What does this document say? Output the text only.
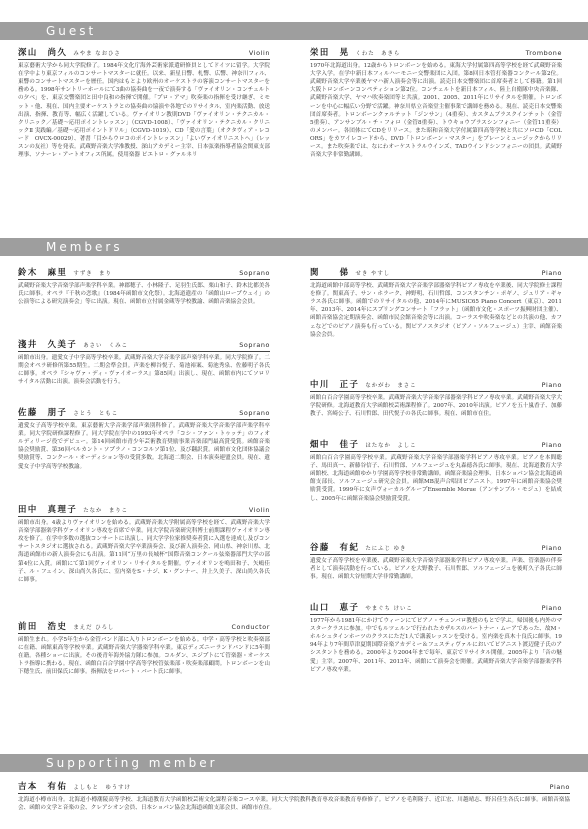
Guest
深山　尚久 みやま なおひさ	Violin
東京藝術大学から同大学院修了。1984年文化庁海外芸術家派遣研修員としてドイツに留学。大学院在学中より東京フィルのコンサートマスターに就任。以来、新星日響、札響、広響、神奈川フィル、東響のコンサートマスターを歴任。国内はもとより欧州のオーケストラの客演コンサートマスターを務める。1998年サントリーホールにて3曲の協奏曲を一夜で演奏する「ヴァイオリン・コンチェルトの夕べ」を、東京交響楽団と田中良和の指揮で開催。「プロ・アマ」吹奏楽の指揮を受け継ぎ、ミモット・他、現在、国内主要オーケストラとの協奏曲の協演や各地でのリサイタル、室内楽活動、放送出演、指揮、教育等、幅広く活躍している。ヴァイオリン教則DVD「ヴァイオリン・テクニカル・クリニック／基礎～応用ポイントレッスン」（CGVD-1008）、「ヴァイオリン・テクニカル・クリニックⅡ 実践編／基礎～応用ポイントドリル」（CGVD-1019）、CD「愛の言葉」（オクタヴィア・レコード　OVCX-00029）、著書「目からウロコのポイントレッスン」「よいヴァイオリニストへ」（レッスンの友社）等を発表。武蔵野音楽大学准教授、深山アカデミー主宰、日本弦楽指導者協会関東支部理事、ソナーレ・アートオフィス所属。使用楽器 ピエトロ・グァルネリ
栄田　晃 くわた　あきら	Trombone
1970年北海道出身。12歳からトロンボーンを始める。東海大学付属第四高等学校を経て武蔵野音楽大学入学。在学中新日本フィルハーモニー交響楽団に入団。第8回日本管打楽器コンクール第2位。武蔵野音楽大学卒業後ヤマハ新人演奏会等に出演。読売日本交響楽団に首席奏者として移籍。第1回大阪トロンボーンコンペティション第2位。コンチェルトを新日本フィル、陸上自衛隊中央音楽隊、武蔵野音楽大学、ヤマハ吹奏楽団等と共演。2001、2005、2011年にリサイタルを開催。トロンボーンを中心に幅広い分野で活躍。神奈川県立音楽堂主催事業で講師を務める。現在、読売日本交響楽団首席奏者。トロンボーンクァルテット「ジンサン」（4重奏）、カスタムブラスクインテット（金管5重奏）、アンサンブル・チ・フォロ（金管8重奏）、トウキョウブラスシンフォニー（金管11重奏）のメンバー。各団体にてCDをリリース。また昭和音楽大学付属第四高等学校と共にソロCD「COLORS」をカワイレコードから、DVD「トロンボーン・マスター」をブレーンミュージックからリリース。また吹奏楽では、なにわオーケストラルウインズ、TADウインドシンフォニーの団員。武蔵野音楽大学非常勤講師。
Members
鈴木　麻里 すずき　まり	Soprano
武蔵野音楽大学音楽学部声楽学科卒業。神郡穂子、小林隆子、足羽生氏郎、栗山和子、鈴木比都美各氏に師事。オペラ『千秋の恋歌』（1984年函館市文化祭）。北海道遺産の「函館山ロープウェイ」の公演等による研究演奏会」等に出演。現在、函館市立付属金蔵等学校教諭、函館音楽協会会員。
淺井　久美子 あさい　くみこ	Soprano
函館市出身。遺愛女子中学高等学校卒業。武蔵野音楽大学音楽学部声楽学科卒業。同大学院修了。二期会オペラ研修所第55期生。二期会準会員。声楽を柳谷悦子、菊池裕案、菊池秀泉、佐藤明子各氏に師事。オペラ『シャヴァ・ディ・ヴァイオーラス』第85回』出演し、現在、函館市内にてソロリサイタル活動に出演。演奏会活動を行う。
佐藤　朋子 さとう　ともこ	Soprano
遺愛女子高等学校卒業。東京藝術大学音楽学部声楽別科修了。武蔵野音楽大学音楽学部声楽学科卒業。同大学院研修課程修了。同大学院在学中の1993年オペラ「コシ・ファン・トゥッテ」のフィオルディリージ役でデビュー。第14回函館市青少年芸術教育奨励事業音楽部門最高賞受賞。函館音楽協会奨励賞、第36回ベルカント・ソプラノ・コンコルソ第1位、及び翻訳賞。函館市文化団体協議会奨励賞等、コンクール・オーディション等の受賞多数。北海道二期会、日本演奏連盟会員。現在、遺愛女子中学高等学校教諭。
田中　真理子 たなか　まりこ	Violin
函館市出身。4歳よりヴァイオリンを始める。武蔵野音楽大学附属高等学校を経て、武蔵野音楽大学音楽学部器楽学科ヴァイオリン専攻を首席で卒業。同大学院音楽研究科博士前期課程ヴァイオリン専攻を修了。在学中多数の選抜コンサートに出演し、同大学学位家推奨奏者賞に入選を達成し及びコンサートスタジオに選抜される。武蔵野音楽大学卒業演奏会、及び新人演奏会、岡山県、神奈川県、北海道函館市の新人演奏会にも出演。第11回“万里の長城杯”国際音楽コンクール弦楽器部門大学の部第4位に入賞。函館にて第1回ヴァイオリン・リサイタルを開催。ヴァイオリンを鳴田和子、矢嶋佳子、ル・フェイン、深山尚久各氏に、室内楽をS・ナジ、K・グンナー、井上久美子、深山尚久各氏に師事。
前田　浩史 まえだ ひろし	Conductor
函館生まれ。小学5年生から金管バンド部に入りトロンボーンを始める。中学・高等学校と吹奏楽部に在籍、函館東高等学校卒業。武蔵野音楽大学器楽学科卒業。東京ディズニーランドバンドに5年間在籍。各種ショーに出演。その後青年海外協力隊に参加。コルダン、エジプトにて管楽器・オーケストラ指導に携わる。現在、函館白百合学園中学高等学校管弦楽部・吹奏楽部顧問。トロンボーンを山下穂生氏、前田保氏に師事。指揮法をロバート・バート氏に師事。
関　　俤 せき やすし	Piano
北海道函館中部高等学校、武蔵野音楽大学音楽学部器楽学科ピアノ専攻を卒業後、同大学院修士課程を修了。関東高子、サン・ホラーク、神野明、石川哲郎、コンスタンチン・ポギノ、ジュリア・ギャラス各氏に師事。函館でのリサイタルの他、2014年にMUSIC65 Piano Concert（東京）、2011年、2013年、2014年にスプリングコンサート「フラット」（函館市文化・スポーツ振興財団主催）、函館音楽協会定期演奏会、函館市民会館音楽会等に出演。コーラスや吹奏楽などとの共演の他、カフェなどでのピアノ演奏も行っている。関ピアノスタジオ（ピアノ・ソルフェージュ）主宰、函館音楽協会会員。
中川　正子 なかがわ　まさこ	Piano
函館白百合学園高等学校卒業。武蔵野音楽大学音楽学部器楽学科ピアノ専攻卒業。武蔵野音楽大学大学院研修。北海道教育大学函館校芸術課程修了。2007年、2010年出演。ピアノを五十嵐香子、加藤教子、宮崎公子、石川哲郎、田代悦子の各氏に師事。現在、函館市在住。
畑中　佳子 はたなか　よしこ	Piano
函館白百合学園高等学校卒業。武蔵野音楽大学音楽学部器楽学科ピアノ専攻卒業。ピアノを本間聡子、馬田真一、新藤谷信子、石川哲郎、ソルフェージュを丸森徳各氏に師事。現在、北海道教育大学函館校、北海道函館ゆかり学園高等学校非常勤講師。函館音楽協会理事、日本ショパン協会北海道函館支部長、ソルフェージュ研究会会員。函館MB混声合唱団ピアニスト。1997年に函館音楽協会奨励賞受賞。1999年に女声ヴォーカルグループEnsemble Morue（アンサンブル・モジュ）を結成し、2005年に函館音楽協会奨励賞受賞。
谷藤　有紀 たにふじ ゆき	Piano
遺愛女子高等学校を卒業後、武蔵野音楽大学音楽学部器楽学科ピアノ専攻卒業。声楽、管楽器の伴奏者として演奏活動を行っている。ピアノを大野教子、石川哲郎、ソルフェージュを後町久子各氏に師事。現在、函館大谷短期大学非常勤講師。
山口　恵子 やまぐち けいこ	Piano
1977年から1981年にかけてウィーンにてピアノ・チェンバロ教授のもとで学ぶ。帰国後も内外のマスタークラスに参加。中でもルツェルンで行われたカザルスのパートナー・ムーアであった、故M・ホルシュタインホーツのクラスにただ1人で講義レッスンを受ける。室内楽を真木十良氏に師事。1994年より7年間草津夏期国際音楽アカデミー＆フェスティヴァルにおいてピアニスト渡辺健子氏のアシスタントを務める。2000年より2004年まで毎年、東京でリサイタル開催。2005年より「音の魅愛」主宰。2007年、2011年、2013年、函館にて演奏会を開催。武蔵野音楽大学音楽学部器楽学科ピアノ専攻卒業。
Supporting member
吉本　有佑 よしもと　ゆうすけ	Piano
北海道小樽市出身。北海道小樽潮陵高等学校、北海道教育大学函館校芸術文化課程音楽コース卒業。同大大学院教科教育専攻音楽教育専修修了。ピアノを毛利隆子、近江宏、川越晴志、野呂佳生各氏に師事。函館音楽協会、函館の文学と音楽の会、クレアシオン会員、日本ショパン協会北海道函館支部会員、函館市在住。
